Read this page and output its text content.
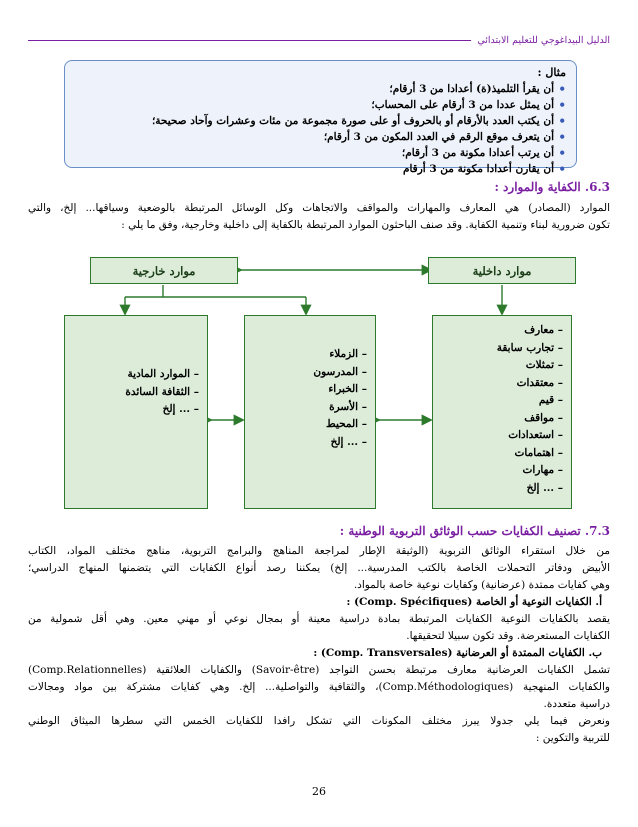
الدليل البيداغوجي للتعليم الابتدائي
مثال :
• أن يقرأ التلميذ(ة) أعدادا من 3 أرقام؛
• أن يمثل عددا من 3 أرقام على المحساب؛
• أن يكتب العدد بالأرقام أو بالحروف أو على صورة مجموعة من مئات وعشرات وآحاد صحيحة؛
• أن يتعرف موقع الرقم في العدد المكون من 3 أرقام؛
• أن يرتب أعدادا مكونة من 3 أرقام؛
• أن يقارن أعدادا مكونة من 3 أرقام
6.3. الكفاية والموارد :
الموارد (المصادر) هي المعارف والمهارات والمواقف والاتجاهات وكل الوسائل المرتبطة بالوضعية وسياقها... إلخ، والتي
تكون ضرورية لبناء وتنمية الكفاية. وقد صنف الباحثون الموارد المرتبطة بالكفاية إلى داخلية وخارجية، وفق ما يلي :
موارد داخلية
موارد خارجية
– معارف
– تجارب سابقة
– تمثلات
– معتقدات
– قيم
– مواقف
– استعدادات
– اهتمامات
– مهارات
– ... إلخ
– الزملاء
– المدرسون
– الخبراء
– الأسرة
– المحيط
– ... إلخ
– الموارد المادية
– الثقافة السائدة
– ... إلخ
7.3. تصنيف الكفايات حسب الوثائق التربوية الوطنية :
من خلال استقراء الوثائق التربوية (الوثيقة الإطار لمراجعة المناهج والبرامج التربوية، مناهج مختلف المواد، الكتاب
الأبيض ودفاتر التحملات الخاصة بالكتب المدرسية... إلخ) يمكننا رصد أنواع الكفايات التي يتضمنها المنهاج الدراسي؛
وهي كفايات ممتدة (عرضانية) وكفايات نوعية خاصة بالمواد.
أ. الكفايات النوعية أو الخاصة (Comp. Spécifiques) :
يقصد بالكفايات النوعية الكفايات المرتبطة بمادة دراسية معينة أو بمجال نوعي أو مهني معين. وهي أقل شمولية من
الكفايات المستعرضة. وقد تكون سبيلا لتحقيقها.
ب. الكفايات الممتدة أو العرضانية (Comp. Transversales) :
تشمل الكفايات العرضانية معارف مرتبطة بحسن التواجد (Savoir-être) والكفايات العلائقية (Comp.Relationnelles)
والكفايات المنهجية (Comp.Méthodologiques)، والثقافية والتواصلية... إلخ. وهي كفايات مشتركة بين مواد ومجالات
دراسية متعددة.
ونعرض فيما يلي جدولا يبرز مختلف المكونات التي تشكل رافدا للكفايات الخمس التي سطرها الميثاق الوطني
للتربية والتكوين :
26
